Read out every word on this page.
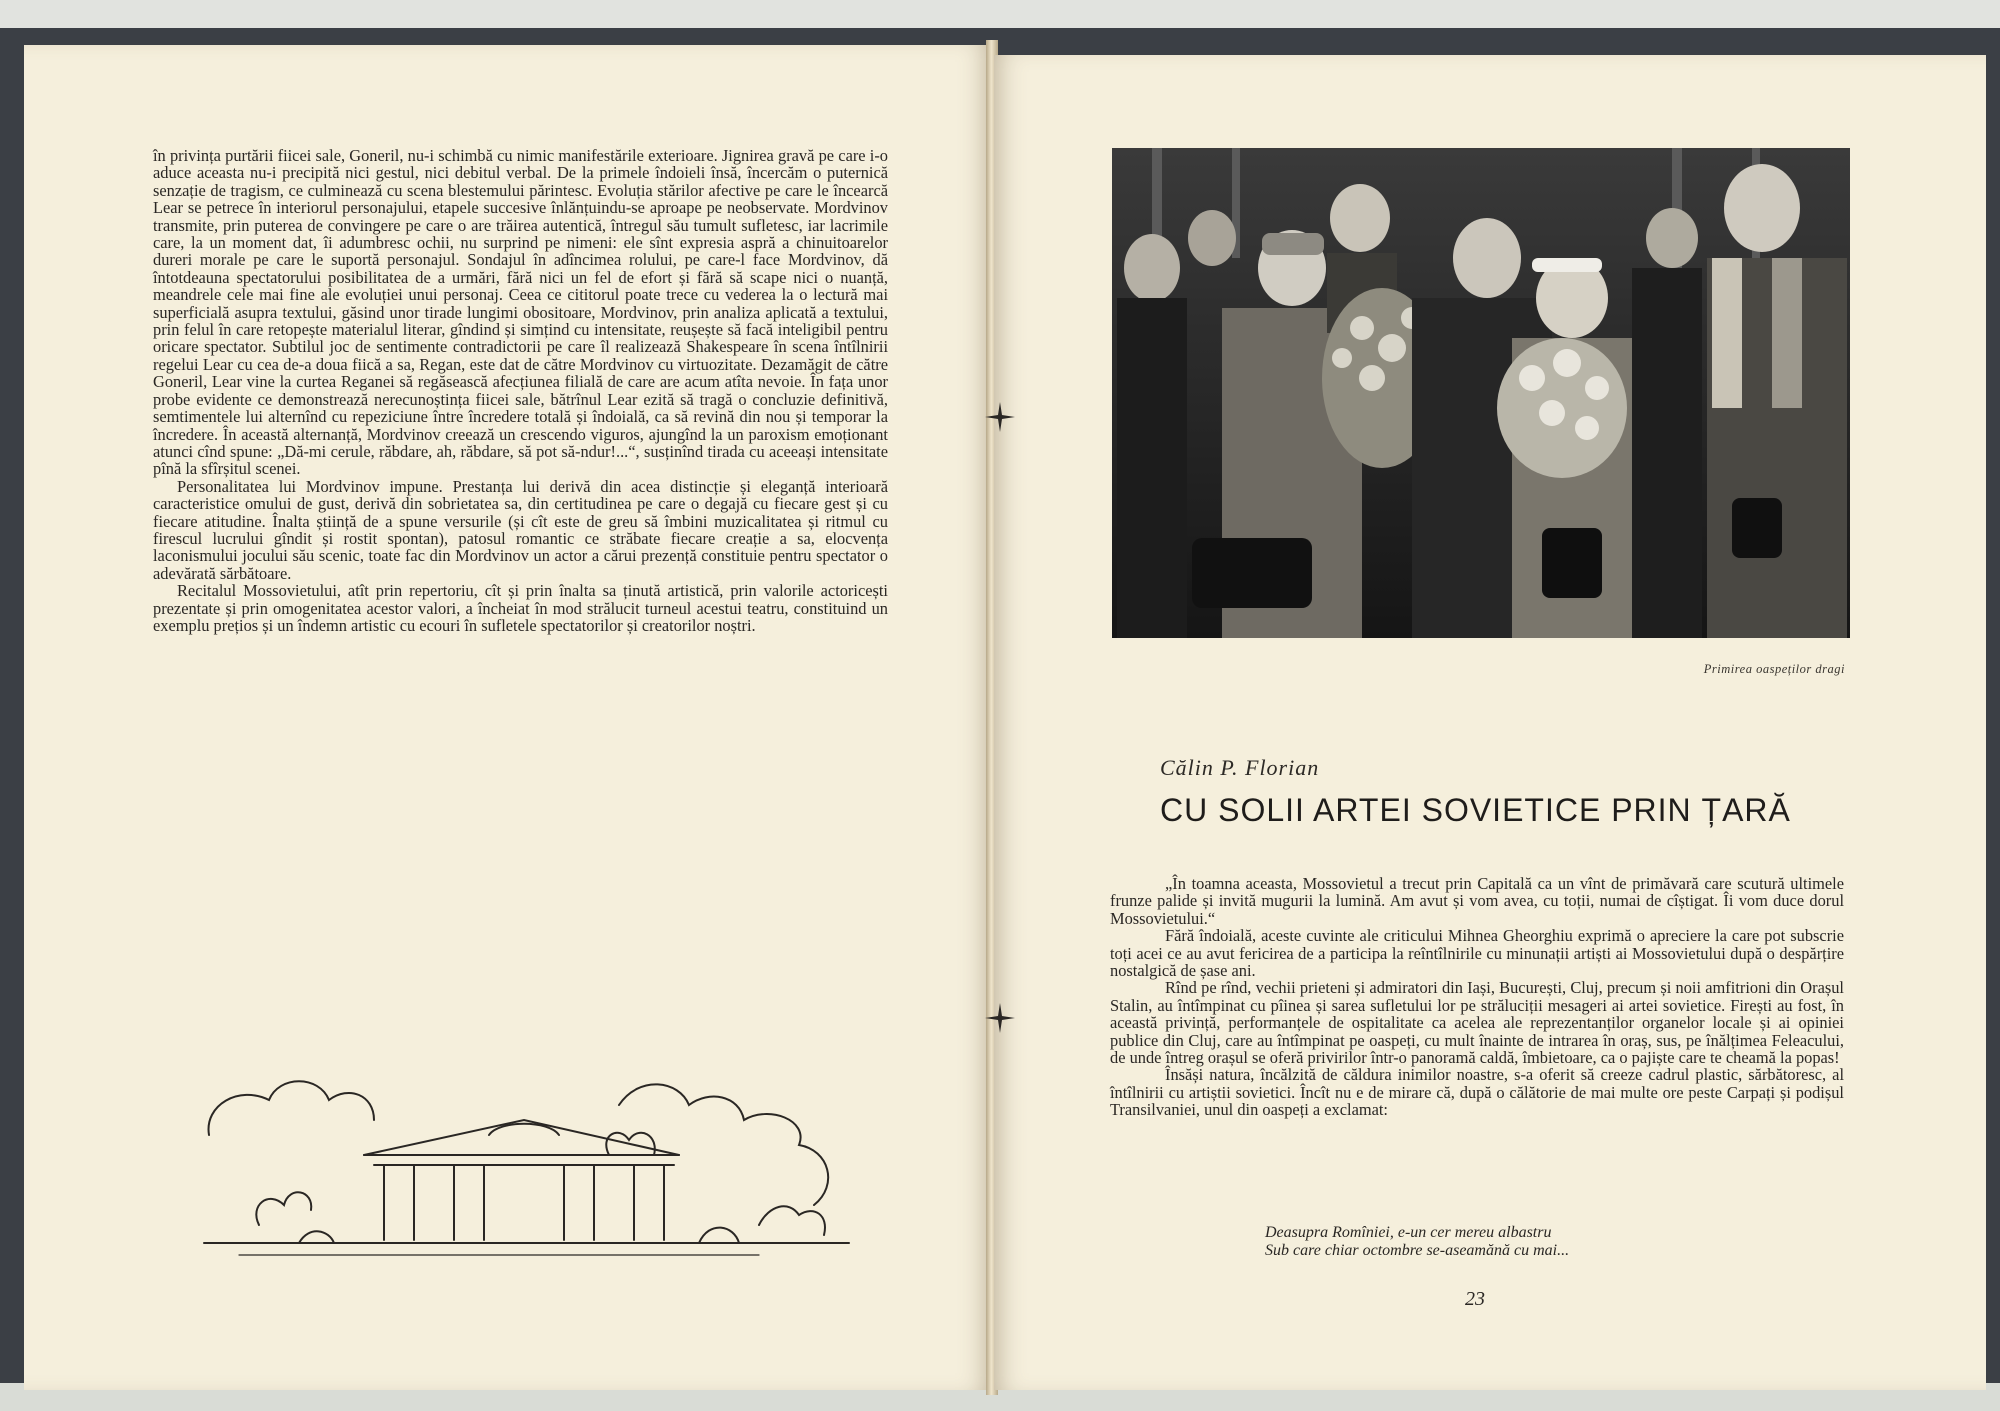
în privința purtării fiicei sale, Goneril, nu-i schimbă cu nimic manifestările exterioare. Jignirea gravă pe care i-o aduce aceasta nu-i precipită nici gestul, nici debitul verbal. De la primele îndoieli însă, încercăm o puternică senzație de tragism, ce culminează cu scena blestemului părintesc. Evoluția stărilor afective pe care le încearcă Lear se petrece în interiorul personajului, etapele succesive înlănțuindu-se aproape pe neobservate. Mordvinov transmite, prin puterea de convingere pe care o are trăirea autentică, întregul său tumult sufletesc, iar lacrimile care, la un moment dat, îi adumbresc ochii, nu surprind pe nimeni: ele sînt expresia aspră a chinuitoarelor dureri morale pe care le suportă personajul. Sondajul în adîncimea rolului, pe care-l face Mordvinov, dă întotdeauna spectatorului posibilitatea de a urmări, fără nici un fel de efort și fără să scape nici o nuanță, meandrele cele mai fine ale evoluției unui personaj. Ceea ce cititorul poate trece cu vederea la o lectură mai superficială asupra textului, găsind unor tirade lungimi obositoare, Mordvinov, prin analiza aplicată a textului, prin felul în care retopește materialul literar, gîndind și simțind cu intensitate, reușește să facă inteligibil pentru oricare spectator. Subtilul joc de sentimente contradictorii pe care îl realizează Shakespeare în scena întîlnirii regelui Lear cu cea de-a doua fiică a sa, Regan, este dat de către Mordvinov cu virtuozitate. Dezamăgit de către Goneril, Lear vine la curtea Reganei să regăsească afecțiunea filială de care are acum atîta nevoie. În fața unor probe evidente ce demonstrează nerecunoștința fiicei sale, bătrînul Lear ezită să tragă o concluzie definitivă, semtimentele lui alternînd cu repeziciune între încredere totală și îndoială, ca să revină din nou și temporar la încredere. În această alternanță, Mordvinov creează un crescendo viguros, ajungînd la un paroxism emoționant atunci cînd spune: „Dă-mi cerule, răbdare, ah, răbdare, să pot să-ndur!...“, susținînd tirada cu aceeași intensitate pînă la sfîrșitul scenei.

Personalitatea lui Mordvinov impune. Prestanța lui derivă din acea distincție și eleganță interioară caracteristice omului de gust, derivă din sobrietatea sa, din certitudinea pe care o degajă cu fiecare gest și cu fiecare atitudine. Înalta știință de a spune versurile (și cît este de greu să îmbini muzicalitatea și ritmul cu firescul lucrului gîndit și rostit spontan), patosul romantic ce străbate fiecare creație a sa, elocvența laconismului jocului său scenic, toate fac din Mordvinov un actor a cărui prezență constituie pentru spectator o adevărată sărbătoare.

Recitalul Mossovietului, atît prin repertoriu, cît și prin înalta sa ținută artistică, prin valorile actoricești prezentate și prin omogenitatea acestor valori, a încheiat în mod strălucit turneul acestui teatru, constituind un exemplu prețios și un îndemn artistic cu ecouri în sufletele spectatorilor și creatorilor noștri.

Primirea oaspeților dragi
Călin P. Florian
CU SOLII ARTEI SOVIETICE PRIN ȚARĂ

„În toamna aceasta, Mossovietul a trecut prin Capitală ca un vînt de primăvară care scutură ultimele frunze palide și invită mugurii la lumină. Am avut și vom avea, cu toții, numai de cîștigat. Îi vom duce dorul Mossovietului.“

Fără îndoială, aceste cuvinte ale criticului Mihnea Gheorghiu exprimă o apreciere la care pot subscrie toți acei ce au avut fericirea de a participa la reîntîlnirile cu minunații artiști ai Mossovietului după o despărțire nostalgică de șase ani.

Rînd pe rînd, vechii prieteni și admiratori din Iași, București, Cluj, precum și noii amfitrioni din Orașul Stalin, au întîmpinat cu pîinea și sarea sufletului lor pe străluciții mesageri ai artei sovietice. Firești au fost, în această privință, performanțele de ospitalitate ca acelea ale reprezentanților organelor locale și ai opiniei publice din Cluj, care au întîmpinat pe oaspeți, cu mult înainte de intrarea în oraș, sus, pe înălțimea Feleacului, de unde întreg orașul se oferă privirilor într-o panoramă caldă, îmbietoare, ca o pajiște care te cheamă la popas!

Însăși natura, încălzită de căldura inimilor noastre, s-a oferit să creeze cadrul plastic, sărbătoresc, al întîlnirii cu artiștii sovietici. Încît nu e de mirare că, după o călătorie de mai multe ore peste Carpați și podișul Transilvaniei, unul din oaspeți a exclamat:

Deasupra Romîniei, e-un cer mereu albastru
Sub care chiar octombre se-aseamănă cu mai...
23
